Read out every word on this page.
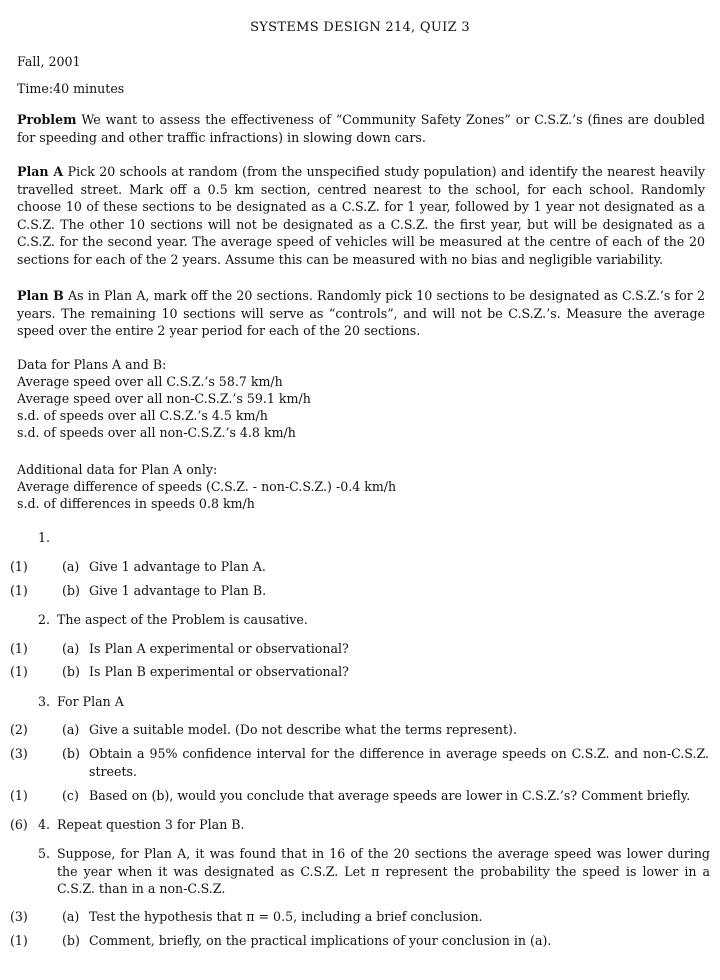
SYSTEMS DESIGN 214, QUIZ 3
Fall, 2001
Time:40 minutes
Problem We want to assess the effectiveness of “Community Safety Zones” or C.S.Z.’s (fines are doubled for speeding and other traffic infractions) in slowing down cars.
Plan A Pick 20 schools at random (from the unspecified study population) and identify the nearest heavily travelled street. Mark off a 0.5 km section, centred nearest to the school, for each school. Randomly choose 10 of these sections to be designated as a C.S.Z. for 1 year, followed by 1 year not designated as a C.S.Z. The other 10 sections will not be designated as a C.S.Z. the first year, but will be designated as a C.S.Z. for the second year. The average speed of vehicles will be measured at the centre of each of the 20 sections for each of the 2 years. Assume this can be measured with no bias and negligible variability.
Plan B As in Plan A, mark off the 20 sections. Randomly pick 10 sections to be designated as C.S.Z.’s for 2 years. The remaining 10 sections will serve as “controls”, and will not be C.S.Z.’s. Measure the average speed over the entire 2 year period for each of the 20 sections.
Data for Plans A and B:
Average speed over all C.S.Z.’s 58.7 km/h
Average speed over all non-C.S.Z.’s 59.1 km/h
s.d. of speeds over all C.S.Z.’s 4.5 km/h
s.d. of speeds over all non-C.S.Z.’s 4.8 km/h
Additional data for Plan A only:
Average difference of speeds (C.S.Z. - non-C.S.Z.) -0.4 km/h
s.d. of differences in speeds 0.8 km/h
1.
(1)	(a) Give 1 advantage to Plan A.
(1)	(b) Give 1 advantage to Plan B.
2. The aspect of the Problem is causative.
(1)	(a) Is Plan A experimental or observational?
(1)	(b) Is Plan B experimental or observational?
3. For Plan A
(2)	(a) Give a suitable model. (Do not describe what the terms represent).
(3)	(b) Obtain a 95% confidence interval for the difference in average speeds on C.S.Z. and non-C.S.Z. streets.
(1)	(c) Based on (b), would you conclude that average speeds are lower in C.S.Z.’s? Comment briefly.
(6) 4. Repeat question 3 for Plan B.
5. Suppose, for Plan A, it was found that in 16 of the 20 sections the average speed was lower during the year when it was designated as C.S.Z. Let π represent the probability the speed is lower in a C.S.Z. than in a non-C.S.Z.
(3)	(a) Test the hypothesis that π = 0.5, including a brief conclusion.
(1)	(b) Comment, briefly, on the practical implications of your conclusion in (a).
